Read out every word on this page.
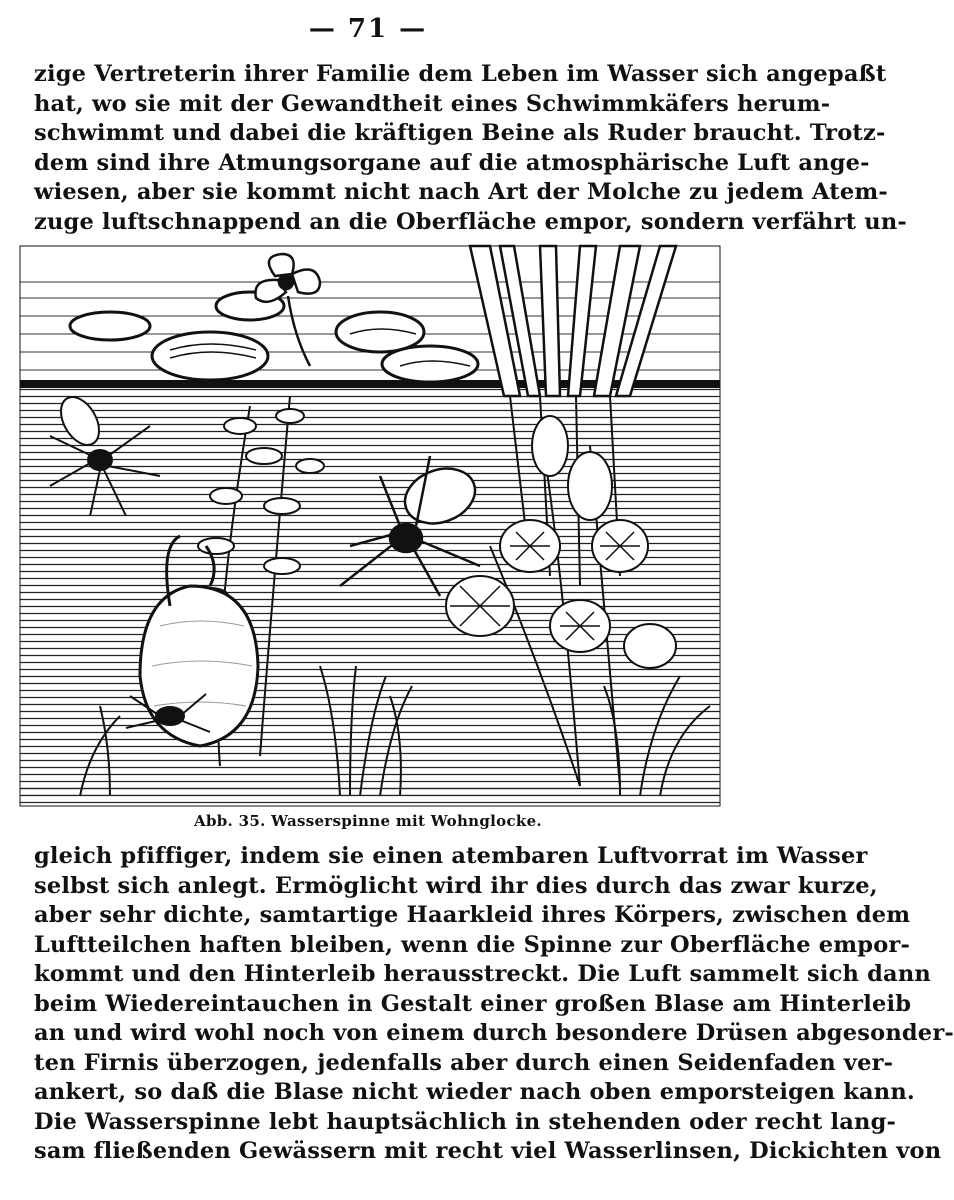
— 71 —
zige Vertreterin ihrer Familie dem Leben im Wasser sich angepaßt
hat, wo sie mit der Gewandtheit eines Schwimmkäfers herum-
schwimmt und dabei die kräftigen Beine als Ruder braucht. Trotz-
dem sind ihre Atmungsorgane auf die atmosphärische Luft ange-
wiesen, aber sie kommt nicht nach Art der Molche zu jedem Atem-
zuge luftschnappend an die Oberfläche empor, sondern verfährt un-
Abb. 35. Wasserspinne mit Wohnglocke.
gleich pfiffiger, indem sie einen atembaren Luftvorrat im Wasser
selbst sich anlegt. Ermöglicht wird ihr dies durch das zwar kurze,
aber sehr dichte, samtartige Haarkleid ihres Körpers, zwischen dem
Luftteilchen haften bleiben, wenn die Spinne zur Oberfläche empor-
kommt und den Hinterleib herausstreckt. Die Luft sammelt sich dann
beim Wiedereintauchen in Gestalt einer großen Blase am Hinterleib
an und wird wohl noch von einem durch besondere Drüsen abgesonder-
ten Firnis überzogen, jedenfalls aber durch einen Seidenfaden ver-
ankert, so daß die Blase nicht wieder nach oben emporsteigen kann.
Die Wasserspinne lebt hauptsächlich in stehenden oder recht lang-
sam fließenden Gewässern mit recht viel Wasserlinsen, Dickichten von
